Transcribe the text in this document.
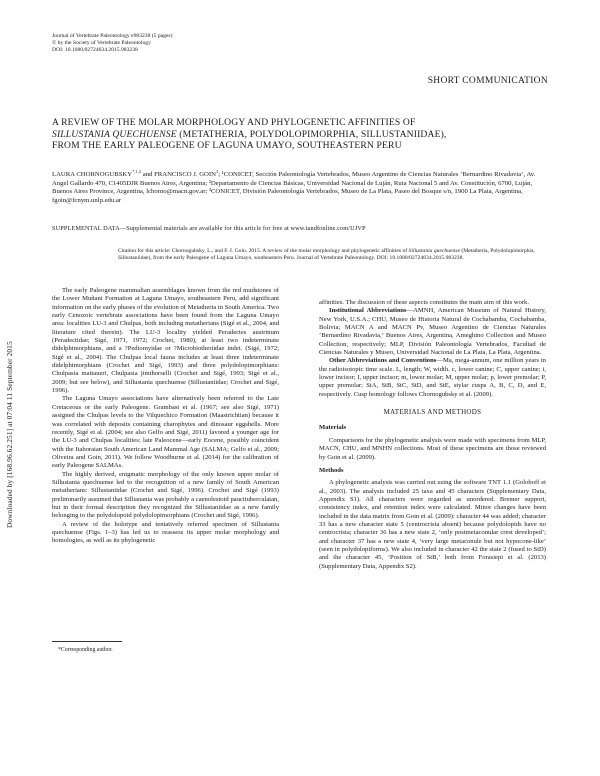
Journal of Vertebrate Paleontology e983238 (5 pages)
© by the Society of Vertebrate Paleontology
DOI: 10.1080/02724634.2015.983238
SHORT COMMUNICATION
A REVIEW OF THE MOLAR MORPHOLOGY AND PHYLOGENETIC AFFINITIES OF
SILLUSTANIA QUECHUENSE (METATHERIA, POLYDOLOPIMORPHIA, SILLUSTANIIDAE),
FROM THE EARLY PALEOGENE OF LAGUNA UMAYO, SOUTHEASTERN PERU
LAURA $CHORNOGUBSKY^{*,1,2}$ and FRANCISCO J. GOIN$^3$; ¹CONICET, Sección Paleontología Vertebrados, Museo Argentino de Ciencias Naturales ‘Bernardino Rivadavia’, Av. Angel Gallardo 470, C1405DJR Buenos Aires, Argentina; ²Departamento de Ciencias Básicas, Universidad Nacional de Luján, Ruta Nacional 5 and Av. Constitución, 6700, Luján, Buenos Aires Province, Argentina, lchorno@macn.gov.ar; ³CONICET, División Paleontología Vertebrados, Museo de La Plata, Paseo del Bosque s/n, 1900 La Plata, Argentina, fgoin@fcnym.unlp.edu.ar
SUPPLEMENTAL DATA—Supplemental materials are available for this article for free at www.tandfonline.com/UJVP
Citation for this article: Chornogubsky, L., and F. J. Goin. 2015. A review of the molar morphology and phylogenetic affinities of Sillustania quechuense (Metatheria, Polydolopimorphia, Sillustaniidae), from the early Paleogene of Laguna Umayo, southeastern Peru. Journal of Vertebrate Paleontology. DOI: 10.1080/02724634.2015.983238.

The early Paleogene mammalian assemblages known from the red mudstones of the Lower Muñani Formation at Laguna Umayo, southeastern Peru, add significant information on the early phases of the evolution of Metatheria in South America. Two early Cenozoic vertebrate associations have been found from the Laguna Umayo area: localities LU-3 and Chulpas, both including metatherians (Sigé et al., 2004, and literature cited therein). The LU-3 locality yielded Peradectes austrinum (Peradectidae; Sigé, 1971, 1972; Crochet, 1980), at least two indeterminate didelphimorphians, and a ?Pediomyidae or ?Microbiotheriidae indet. (Sigé, 1972; Sigé et al., 2004). The Chulpas local fauna includes at least three indeterminate didelphimorphians (Crochet and Sigé, 1993) and three polydolopimorphians: Chulpasia mattaueri, Chulpasia jimthorselli (Crochet and Sigé, 1993; Sigé et al., 2009; but see below), and Sillustania quechuense (Sillustaniidae; Crochet and Sigé, 1996).

The Laguna Umayo associations have alternatively been referred to the Late Cretaceous or the early Paleogene. Grambast et al. (1967; see also Sigé, 1971) assigned the Chulpas levels to the Vilquechico Formation (Maastrichtian) because it was correlated with deposits containing charophytes and dinosaur eggshells. More recently, Sigé et al. (2004; see also Gelfo and Sigé, 2011) favored a younger age for the LU-3 and Chulpas localities: late Paleocene—early Eocene, possibly coincident with the Itaboraian South American Land Mammal Age (SALMA; Gelfo et al., 2009; Oliveira and Goin, 2011). We follow Woodburne et al. (2014) for the calibration of early Paleogene SALMAs.

The highly derived, enigmatic morphology of the only known upper molar of Sillustania quechuense led to the recognition of a new family of South American metatherians: Sillustaniidae (Crochet and Sigé, 1996). Crochet and Sigé (1993) preliminarily assumed that Sillustania was probably a caenolestoid paucituberculatan, but in their formal description they recognized the Sillustaniidae as a new family belonging to the polydolopoid polydolopimorphians (Crochet and Sigé, 1996).

A review of the holotype and tentatively referred specimen of Sillustania quechuense (Figs. 1–3) has led us to reassess its upper molar morphology and homologies, as well as its phylogenetic

affinities. The discussion of these aspects constitutes the main aim of this work.

Institutional Abbreviations—AMNH, American Museum of Natural History, New York, U.S.A.; CHU, Museo de Historia Natural de Cochabamba, Cochabamba, Bolivia; MACN A and MACN Pv, Museo Argentino de Ciencias Naturales ‘Bernardino Rivadavia,’ Buenos Aires, Argentina, Ameghino Collection and Museo Collection, respectively; MLP, División Paleontología Vertebrados, Facultad de Ciencias Naturales y Museo, Universidad Nacional de La Plata, La Plata, Argentina.

Other Abbreviations and Conventions—Ma, mega-annum, one million years in the radioisotopic time scale. L, length; W, width. c, lower canine; C, upper canine; i, lower incisor; I, upper incisor; m, lower molar; M, upper molar; p, lower premolar; P, upper premolar; StA, StB, StC, StD, and StE, stylar cusps A, B, C, D, and E, respectively. Cusp homology follows Chornogubsky et al. (2009).

MATERIALS AND METHODS
Materials

Comparisons for the phylogenetic analysis were made with specimens from MLP, MACN, CHU, and MNHN collections. Most of these specimens are those reviewed by Goin et al. (2009).

Methods

A phylogenetic analysis was carried out using the software TNT 1.1 (Goloboff et al., 2003). The analysis included 25 taxa and 45 characters (Supplementary Data, Appendix S1). All characters were regarded as unordered. Bremer support, consistency index, and retention index were calculated. Minor changes have been included in the data matrix from Goin et al. (2009): character 44 was added; character 33 has a new character state 5 (centrocrista absent) because polydolopids have no centrocrista; character 36 has a new state 2, ‘only postmetaconular crest developed’; and character 37 has a new state 4, ‘very large metaconule but not hypocone-like’ (seen in polydolopiforms). We also included in character 42 the state 2 (fused to StD) and the character 45, ‘Position of StB,’ both from Forasiepi et al. (2013) (Supplementary Data, Appendix S2).

*Corresponding author.
Downloaded by [168.96.62.251] at 07:04 11 September 2015
